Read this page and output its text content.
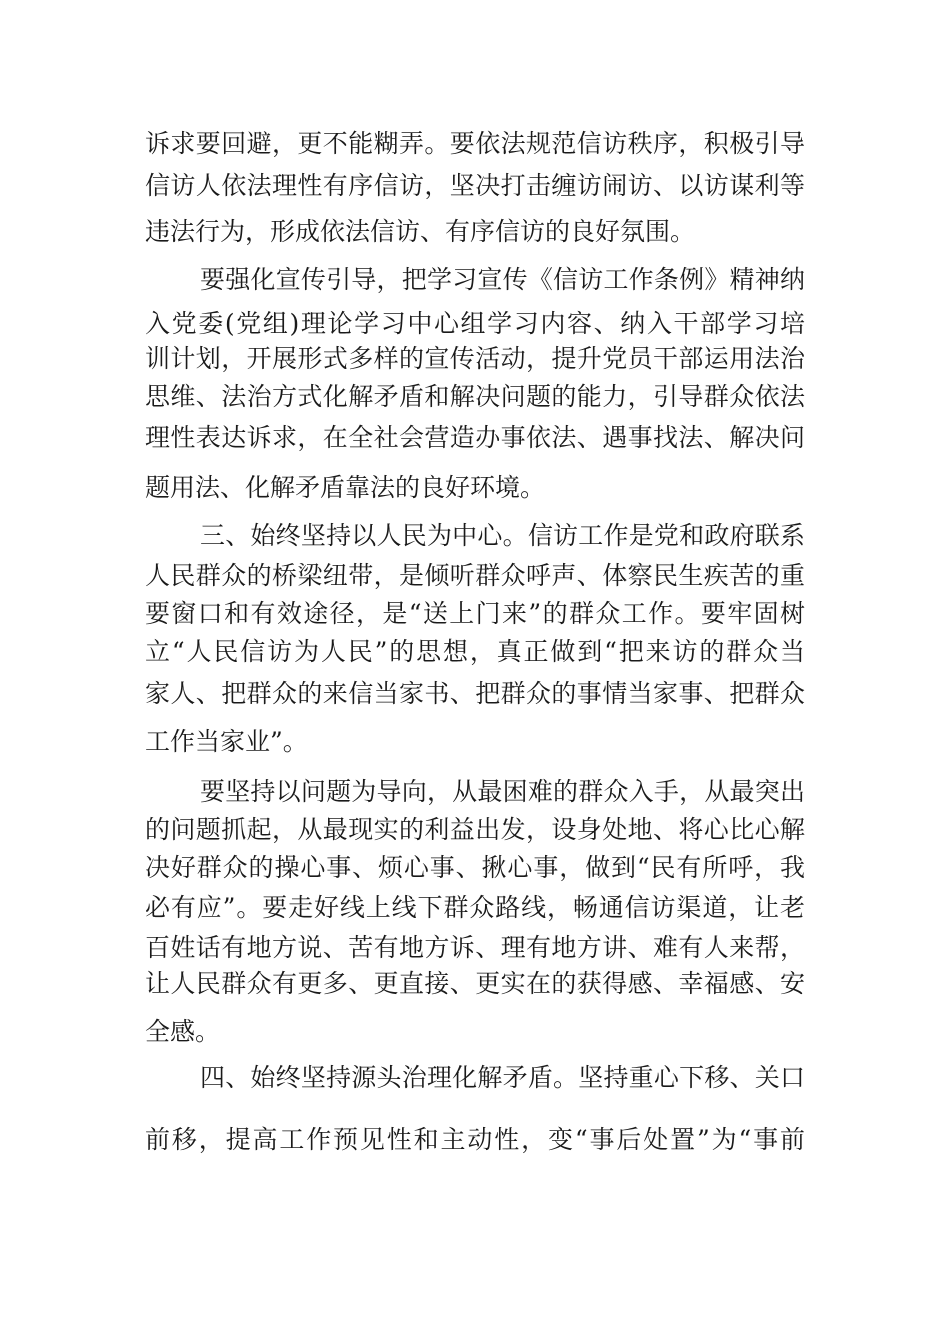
诉求要回避，更不能糊弄。要依法规范信访秩序，积极引导
信访人依法理性有序信访，坚决打击缠访闹访、以访谋利等
违法行为，形成依法信访、有序信访的良好氛围。
要强化宣传引导，把学习宣传《信访工作条例》精神纳
入党委(党组)理论学习中心组学习内容、纳入干部学习培
训计划，开展形式多样的宣传活动，提升党员干部运用法治
思维、法治方式化解矛盾和解决问题的能力，引导群众依法
理性表达诉求，在全社会营造办事依法、遇事找法、解决问
题用法、化解矛盾靠法的良好环境。
三、始终坚持以人民为中心。信访工作是党和政府联系
人民群众的桥梁纽带，是倾听群众呼声、体察民生疾苦的重
要窗口和有效途径，是“送上门来”的群众工作。要牢固树
立“人民信访为人民”的思想，真正做到“把来访的群众当
家人、把群众的来信当家书、把群众的事情当家事、把群众
工作当家业”。
要坚持以问题为导向，从最困难的群众入手，从最突出
的问题抓起，从最现实的利益出发，设身处地、将心比心解
决好群众的操心事、烦心事、揪心事，做到“民有所呼，我
必有应”。要走好线上线下群众路线，畅通信访渠道，让老
百姓话有地方说、苦有地方诉、理有地方讲、难有人来帮，
让人民群众有更多、更直接、更实在的获得感、幸福感、安
全感。
四、始终坚持源头治理化解矛盾。坚持重心下移、关口
前移，提高工作预见性和主动性，变“事后处置”为“事前
